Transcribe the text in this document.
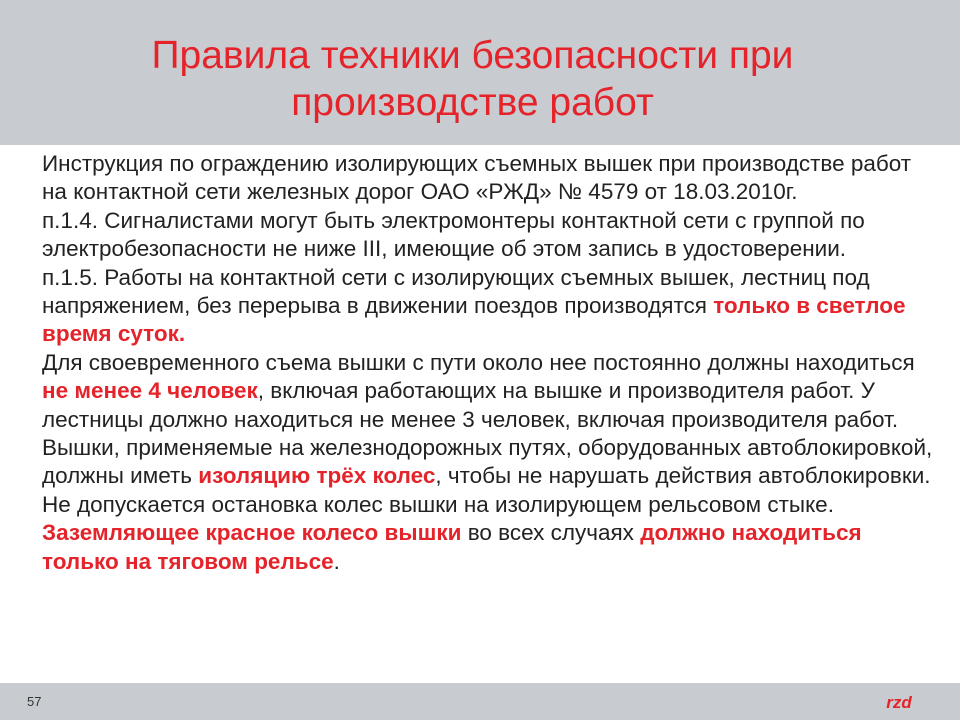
Правила техники безопасности при
производстве работ

Инструкция по ограждению изолирующих съемных вышек при производстве работ на контактной сети железных дорог ОАО «РЖД» № 4579 от 18.03.2010г.

п.1.4. Сигналистами могут быть электромонтеры контактной сети с группой по электробезопасности не ниже III, имеющие об этом запись в удостоверении.

п.1.5. Работы на контактной сети с изолирующих съемных вышек, лестниц под напряжением, без перерыва в движении поездов производятся только в светлое время суток.

Для своевременного съема вышки с пути около нее постоянно должны находиться не менее 4 человек, включая работающих на вышке и производителя работ. У лестницы должно находиться не менее 3 человек, включая производителя работ.

Вышки, применяемые на железнодорожных путях, оборудованных автоблокировкой, должны иметь изоляцию трёх колес, чтобы не нарушать действия автоблокировки. Не допускается остановка колес вышки на изолирующем рельсовом стыке.

Заземляющее красное колесо вышки во всех случаях должно находиться только на тяговом рельсе.

57	rzd
